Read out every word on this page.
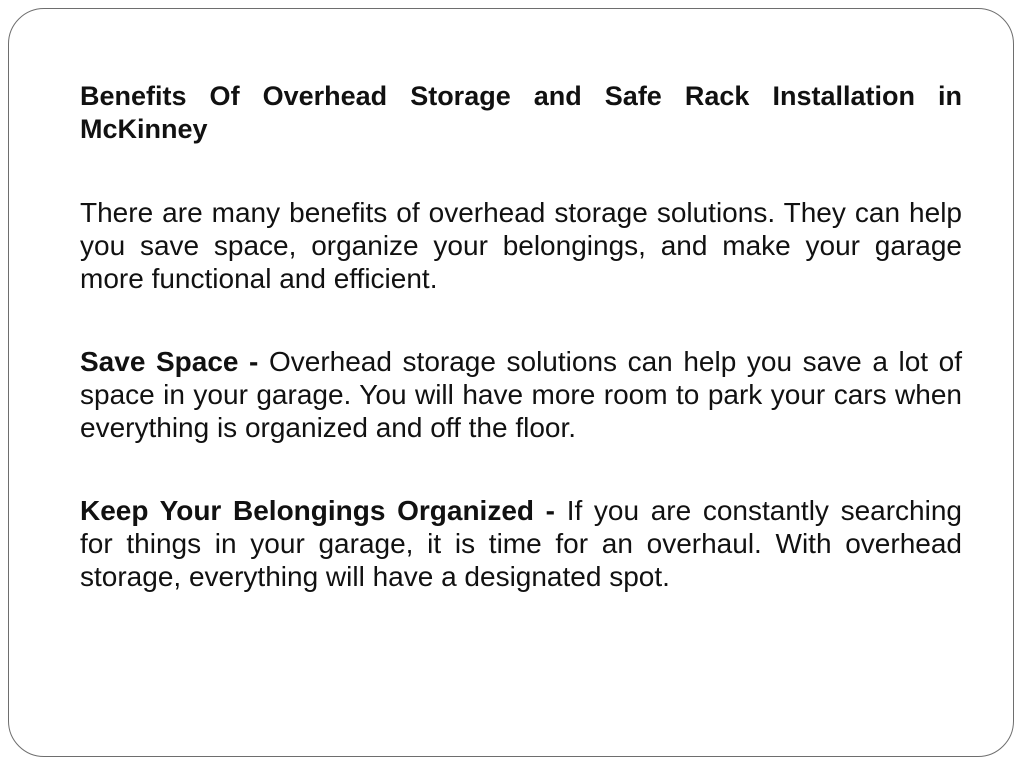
Benefits Of Overhead Storage and Safe Rack Installation in McKinney

There are many benefits of overhead storage solutions. They can help you save space, organize your belongings, and make your garage more functional and efficient.

Save Space - Overhead storage solutions can help you save a lot of space in your garage. You will have more room to park your cars when everything is organized and off the floor.

Keep Your Belongings Organized - If you are constantly searching for things in your garage, it is time for an overhaul. With overhead storage, everything will have a designated spot.
